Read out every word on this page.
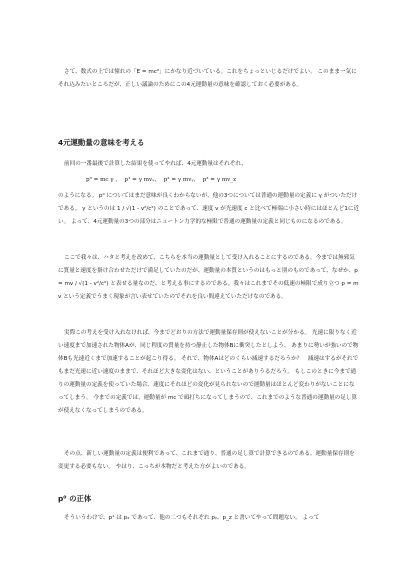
さて、数式の上では憧れの「E = mc²」にかなり近づいている。これをちょっといじるだけでよい。 このまま一気にそれ込みたいところだが、正しい議論のためにこの4元運動量の意味を確認しておく必要がある。

4元運動量の意味を考える

前回の一番最後で計算した結果を使ってやれば、4元運動量はそれぞれ、

p⁰ = mc γ ，  p¹ = γ mvₓ，  p² = γ mvᵧ，  p³ = γ mv_z

のようになる。 p⁰ についてはまだ意味が良くわからないが、他の3つについては普通の運動量の定義に γ がついただけである。 γ というのは 1 / √(1 - v²/c²) のことであって、速度 v が光速度 c と比べて極端に小さい時にはほとんど1に近い。 よって、4元運動量の3つの部分はニュートン力学的な極限で普通の運動量の定義と同じものになるのである。

ここで我々は、ハタと考えを改めて、こちらを本当の運動量として受け入れることにするのである。今までは無邪気に質量と速度を掛け合わせただけで満足していたのだが、運動量の本質というのはもっと別のものであって、なぜか、p = mv / √(1 - v²/c²) と表せる量なのだ、と考える事にするのである。我々はこれまでその低速の極限で成り立つ p = mv という定義でうまく現象が言い表せていたのでそれを良い間違えていただけなのである。

実際この考えを受け入れなければ、今までどおりの方法で運動量保存則が使えないことが分かる。 光速に限りなく近い速度まで加速された物体Aが、同じ程度の質量を持つ静止した物体Bに衝突したとしよう。 あまりに勢いが強いので物体Bも光速近くまで加速することが起こり得る。 それで、物体Aはどのくらい減速するだろうか？　減速はするがそれでもまだ光速に近い速度のままで、それほど大きな変化はない、ということがありうるだろう。 もしこのときに今まで通りの運動量の定義を使っていた場合、速度にそれほどの変化が見られないので運動量はほとんど変わりがないことになってしまう。 今までの定義では、運動量が mc で頭打ちになってしまうので、これまでのような普通の運動量の足し算が使えなくなってしまうのである。

その点、新しい運動量の定義は便利であって、これまで通り、普通の足し算で計算できるのである。運動量保存則を変更する必要もない。 やはり、こっちが本物だと考えた方がよいのである。

p⁰ の正体

そういうわけで、p¹ は pₓ であって、他の二つもそれぞれ pᵧ、p_z と書いてやって問題ない。 よって
